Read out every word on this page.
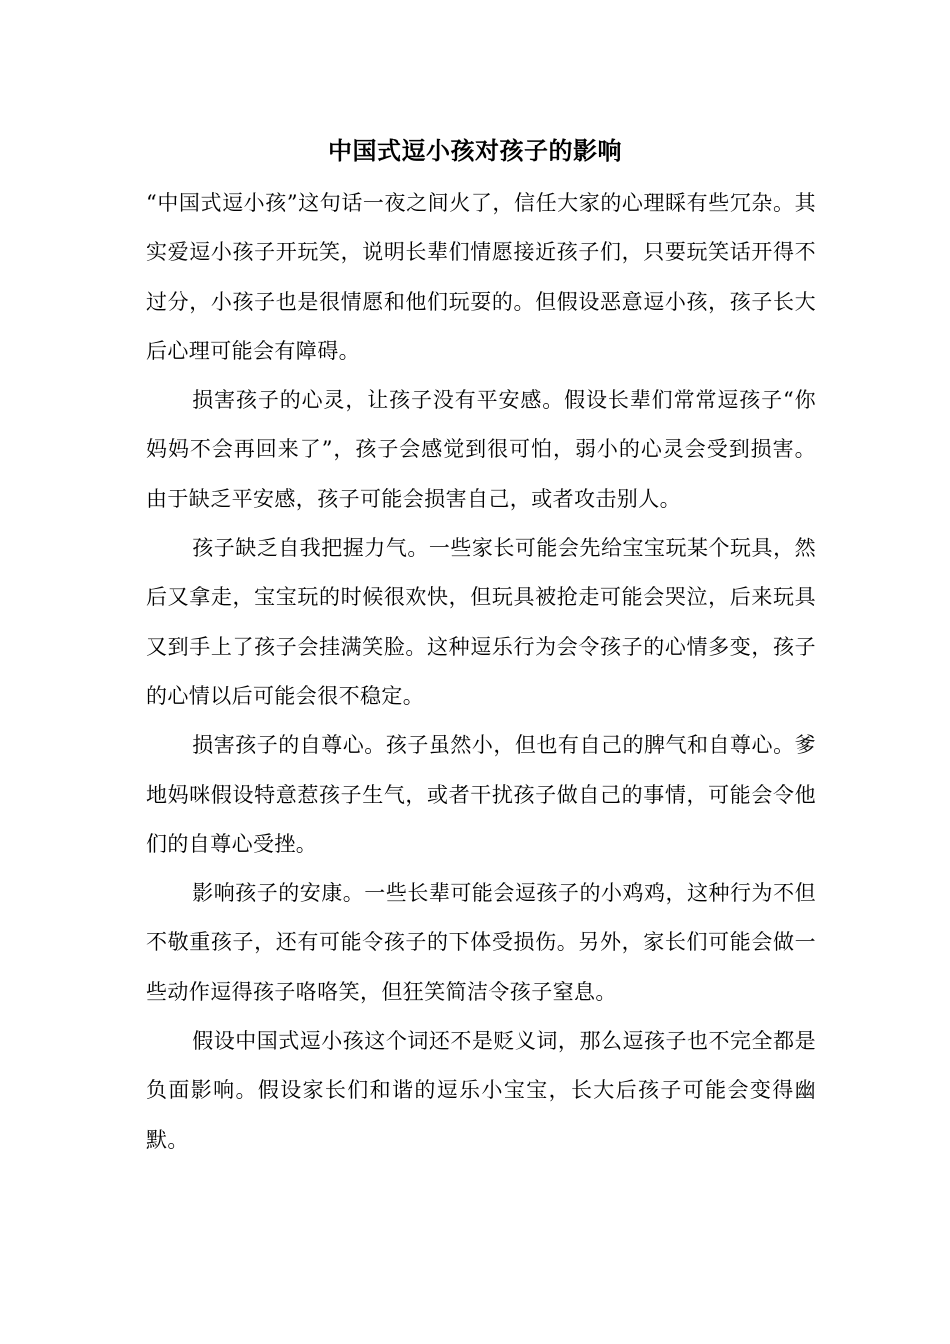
中国式逗小孩对孩子的影响

“中国式逗小孩”这句话一夜之间火了，信任大家的心理睬有些冗杂。其实爱逗小孩子开玩笑，说明长辈们情愿接近孩子们，只要玩笑话开得不过分，小孩子也是很情愿和他们玩耍的。但假设恶意逗小孩，孩子长大后心理可能会有障碍。

损害孩子的心灵，让孩子没有平安感。假设长辈们常常逗孩子“你妈妈不会再回来了”，孩子会感觉到很可怕，弱小的心灵会受到损害。由于缺乏平安感，孩子可能会损害自己，或者攻击别人。

孩子缺乏自我把握力气。一些家长可能会先给宝宝玩某个玩具，然后又拿走，宝宝玩的时候很欢快，但玩具被抢走可能会哭泣，后来玩具又到手上了孩子会挂满笑脸。这种逗乐行为会令孩子的心情多变，孩子的心情以后可能会很不稳定。

损害孩子的自尊心。孩子虽然小，但也有自己的脾气和自尊心。爹地妈咪假设特意惹孩子生气，或者干扰孩子做自己的事情，可能会令他们的自尊心受挫。

影响孩子的安康。一些长辈可能会逗孩子的小鸡鸡，这种行为不但不敬重孩子，还有可能令孩子的下体受损伤。另外，家长们可能会做一些动作逗得孩子咯咯笑，但狂笑简洁令孩子窒息。

假设中国式逗小孩这个词还不是贬义词，那么逗孩子也不完全都是负面影响。假设家长们和谐的逗乐小宝宝，长大后孩子可能会变得幽默。
